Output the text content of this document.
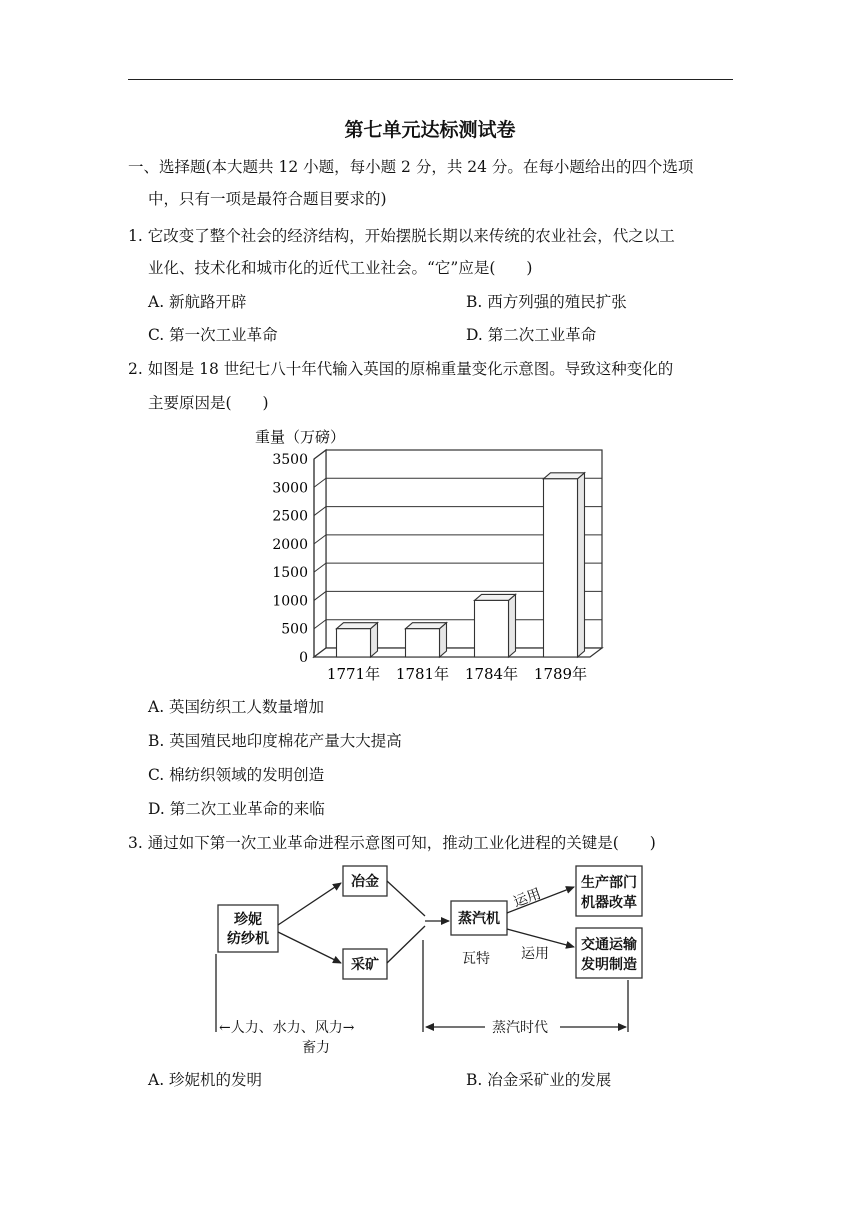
第七单元达标测试卷
一、选择题(本大题共 12 小题，每小题 2 分，共 24 分。在每小题给出的四个选项
中，只有一项是最符合题目要求的)
1. 它改变了整个社会的经济结构，开始摆脱长期以来传统的农业社会，代之以工
业化、技术化和城市化的近代工业社会。“它”应是(　　)
A. 新航路开辟	B. 西方列强的殖民扩张
C. 第一次工业革命	D. 第二次工业革命
2. 如图是 18 世纪七八十年代输入英国的原棉重量变化示意图。导致这种变化的
主要原因是(　　)
重量（万磅）
0
500
1000
1500
2000
2500
3000
3500
1771年 1781年 1784年 1789年
A. 英国纺织工人数量增加
B. 英国殖民地印度棉花产量大大提高
C. 棉纺织领域的发明创造
D. 第二次工业革命的来临
3. 通过如下第一次工业革命进程示意图可知，推动工业化进程的关键是(　　)
珍妮
纺纱机
冶金
采矿
蒸汽机
生产部门
机器改革
交通运输
发明制造
瓦特
运用
运用
←人力、水力、风力→
畜力
蒸汽时代
A. 珍妮机的发明	B. 冶金采矿业的发展
